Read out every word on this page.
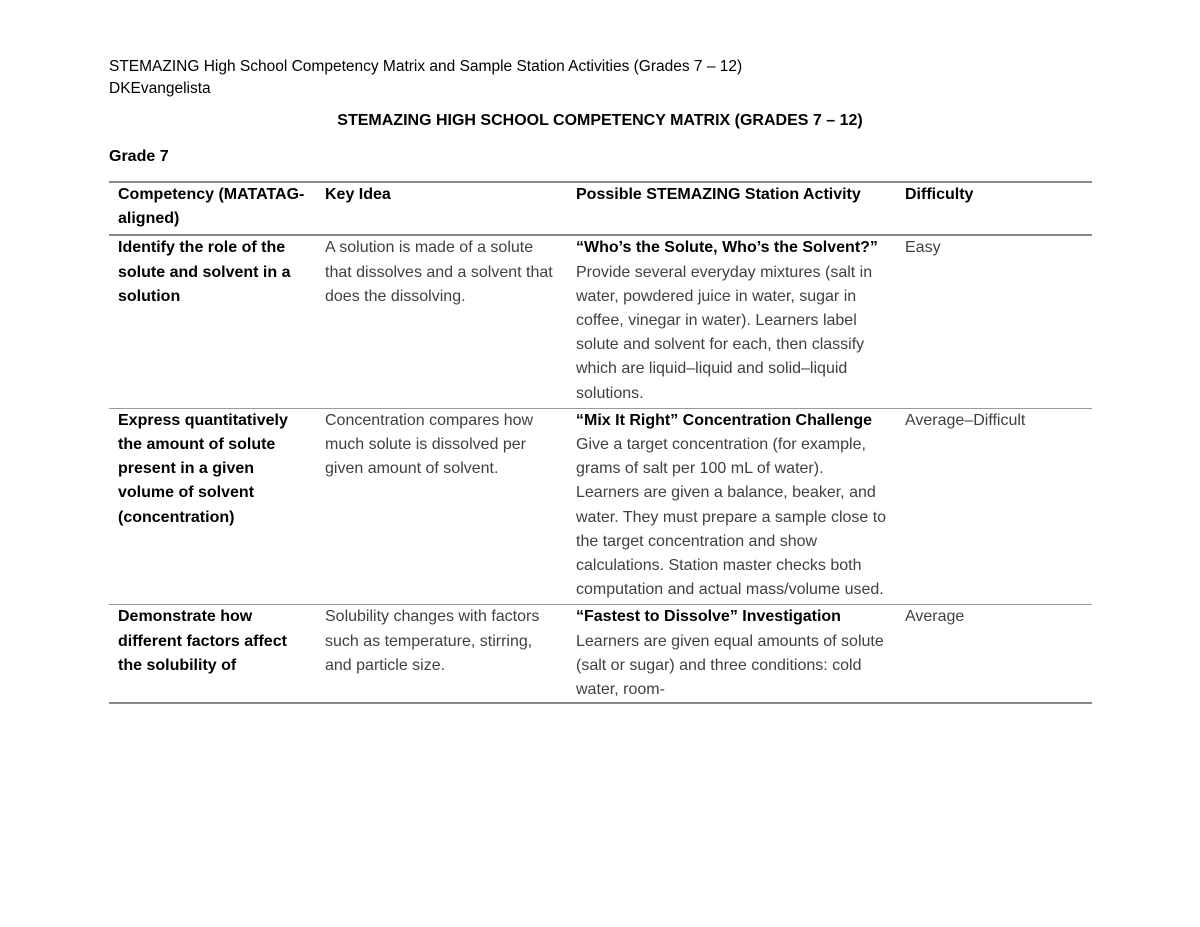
STEMAZING High School Competency Matrix and Sample Station Activities (Grades 7 – 12)
DKEvangelista
STEMAZING HIGH SCHOOL COMPETENCY MATRIX (GRADES 7 – 12)
Grade 7
Competency (MATATAG-aligned)	Key Idea	Possible STEMAZING Station Activity	Difficulty
Identify the role of the solute and solvent in a solution	A solution is made of a solute that dissolves and a solvent that does the dissolving.	“Who’s the Solute, Who’s the Solvent?” Provide several everyday mixtures (salt in water, powdered juice in water, sugar in coffee, vinegar in water). Learners label solute and solvent for each, then classify which are liquid–liquid and solid–liquid solutions.	Easy
Express quantitatively the amount of solute present in a given volume of solvent (concentration)	Concentration compares how much solute is dissolved per given amount of solvent.	“Mix It Right” Concentration Challenge Give a target concentration (for example, grams of salt per 100 mL of water). Learners are given a balance, beaker, and water. They must prepare a sample close to the target concentration and show calculations. Station master checks both computation and actual mass/volume used.	Average–Difficult
Demonstrate how different factors affect the solubility of	Solubility changes with factors such as temperature, stirring, and particle size.	“Fastest to Dissolve” Investigation Learners are given equal amounts of solute (salt or sugar) and three conditions: cold water, room-	Average
